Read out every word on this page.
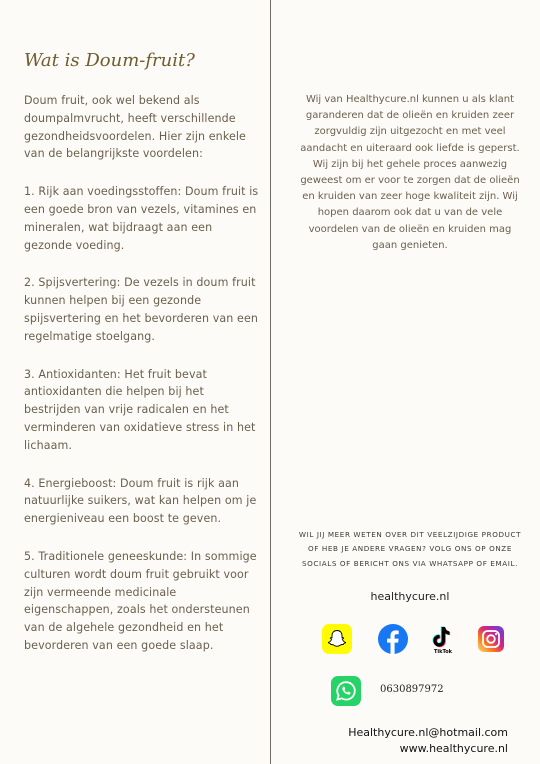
Wat is Doum-fruit?

Doum fruit, ook wel bekend als doumpalmvrucht, heeft verschillende gezondheidsvoordelen. Hier zijn enkele van de belangrijkste voordelen:

1. Rijk aan voedingsstoffen: Doum fruit is een goede bron van vezels, vitamines en mineralen, wat bijdraagt aan een gezonde voeding.

2. Spijsvertering: De vezels in doum fruit kunnen helpen bij een gezonde spijsvertering en het bevorderen van een regelmatige stoelgang.

3. Antioxidanten: Het fruit bevat antioxidanten die helpen bij het bestrijden van vrije radicalen en het verminderen van oxidatieve stress in het lichaam.

4. Energieboost: Doum fruit is rijk aan natuurlijke suikers, wat kan helpen om je energieniveau een boost te geven.

5. Traditionele geneeskunde: In sommige culturen wordt doum fruit gebruikt voor zijn vermeende medicinale eigenschappen, zoals het ondersteunen van de algehele gezondheid en het bevorderen van een goede slaap.

Wij van Healthycure.nl kunnen u als klant garanderen dat de olieën en kruiden zeer zorgvuldig zijn uitgezocht en met veel aandacht en uiteraard ook liefde is geperst. Wij zijn bij het gehele proces aanwezig geweest om er voor te zorgen dat de olieën en kruiden van zeer hoge kwaliteit zijn. Wij hopen daarom ook dat u van de vele voordelen van de olieën en kruiden mag gaan genieten.

WIL JIJ MEER WETEN OVER DIT VEELZIJDIGE PRODUCT OF HEB JE ANDERE VRAGEN? VOLG ONS OP ONZE SOCIALS OF BERICHT ONS VIA WHATSAPP OF EMAIL.

healthycure.nl

TikTok
0630897972
Healthycure.nl@hotmail.com
www.healthycure.nl
